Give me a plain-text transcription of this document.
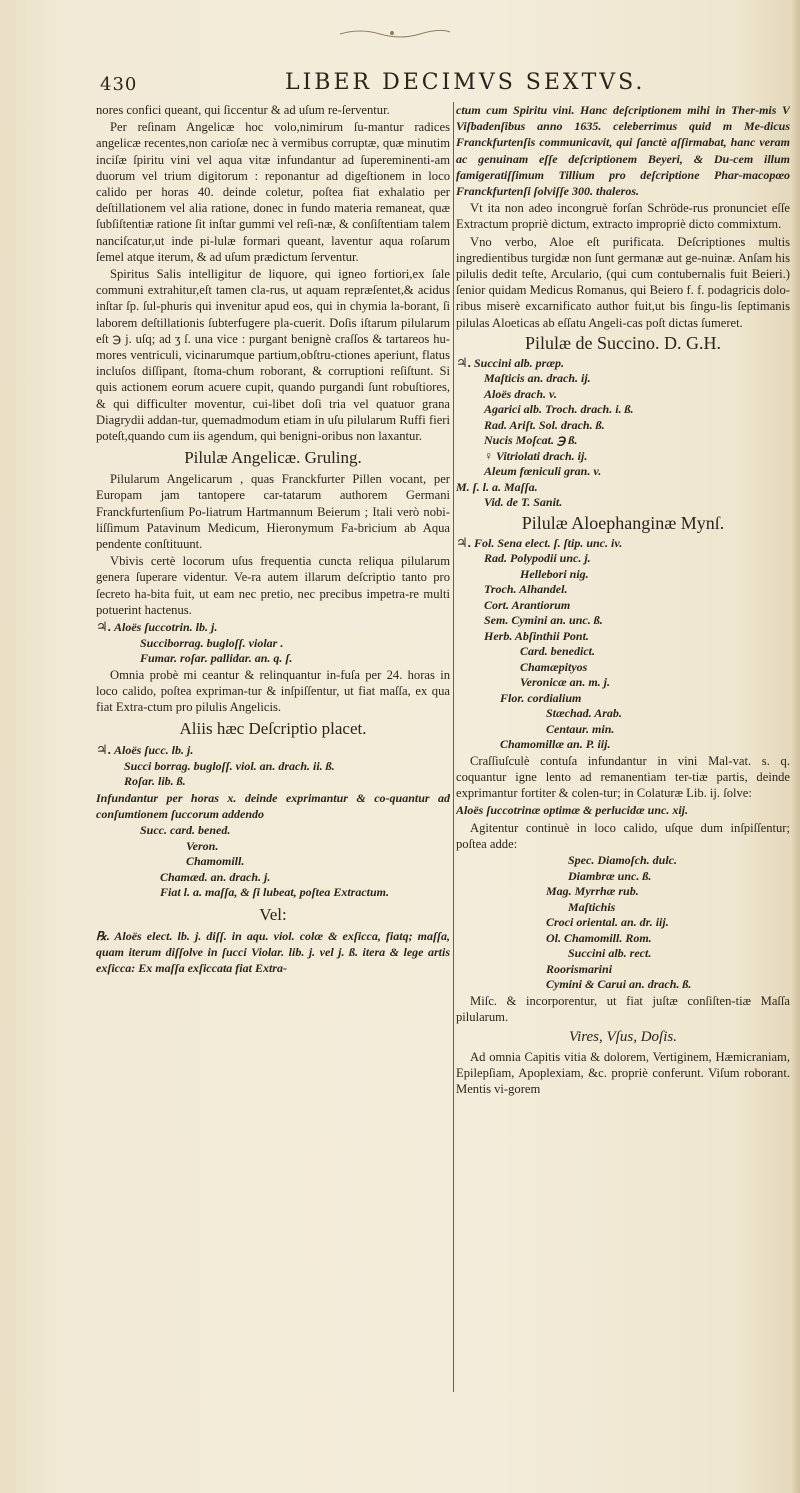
430	LIBER DECIMVS SEXTVS.

nores confici queant, qui ſiccentur & ad uſum re-ſerventur.

Per reſinam Angelicæ hoc volo,nimirum ſu-mantur radices angelicæ recentes,non carioſæ nec à vermibus corruptæ, quæ minutim inciſæ ſpiritu vini vel aqua vitæ infundantur ad ſupereminenti-am duorum vel trium digitorum : reponantur ad digeſtionem in loco calido per horas 40. deinde coletur, poſtea fiat exhalatio per deſtillationem vel alia ratione, donec in fundo materia remaneat, quæ ſubſiſtentiæ ratione ſit inſtar gummi vel reſi-næ, & conſiſtentiam talem nanciſcatur,ut inde pi-lulæ formari queant, laventur aqua roſarum ſemel atque iterum, & ad uſum prædictum ſerventur.

Spiritus Salis intelligitur de liquore, qui igneo fortiori,ex ſale communi extrahitur,eſt tamen cla-rus, ut aquam repræſentet,& acidus inſtar ſp. ſul-phuris qui invenitur apud eos, qui in chymia la-borant, ſi laborem deſtillationis ſubterfugere pla-cuerit. Doſis iſtarum pilularum eſt ℈ j. uſq; ad ʒ ſ. una vice : purgant benignè craſſos & tartareos hu-mores ventriculi, vicinarumque partium,obſtru-ctiones aperiunt, flatus incluſos diſſipant, ſtoma-chum roborant, & corruptioni reſiſtunt. Si quis actionem eorum acuere cupit, quando purgandi ſunt robuſtiores, & qui difficulter moventur, cui-libet doſi tria vel quatuor grana Diagrydii addan-tur, quemadmodum etiam in uſu pilularum Ruffi fieri poteſt,quando cum iis agendum, qui benigni-oribus non laxantur.

Pilulæ Angelicæ. Gruling.

Pilularum Angelicarum , quas Franckfurter Pillen vocant, per Europam jam tantopere car-tatarum authorem Germani Franckfurtenſium Po-liatrum Hartmannum Beierum ; Itali verò nobi-liſſimum Patavinum Medicum, Hieronymum Fa-bricium ab Aqua pendente conſtituunt.

Vbivis certè locorum uſus frequentia cuncta reliqua pilularum genera ſuperare videntur. Ve-ra autem illarum deſcriptio tanto pro ſecreto ha-bita fuit, ut eam nec pretio, nec precibus impetra-re multi potuerint hactenus.

♃. Aloës ſuccotrin. lb. j.
Succiborrag. bugloſſ. violar .
Fumar. roſar. pallidar. an. q. ſ.

Omnia probè mi ceantur & relinquantur in-fuſa per 24. horas in loco calido, poſtea expriman-tur & inſpiſſentur, ut fiat maſſa, ex qua fiat Extra-ctum pro pilulis Angelicis.

Aliis hæc Deſcriptio placet.
♃. Aloës ſucc. lb. j.
Succi borrag. bugloſſ. viol. an. drach. ii. ß.
Roſar. lib. ß.

Infundantur per horas x. deinde exprimantur & co-quantur ad conſumtionem ſuccorum addendo

Succ. card. bened.
Veron.
Chamomill.
Chamæd. an. drach. j.
Fiat l. a. maſſa, & ſi lubeat, poſtea Extractum.
Vel:

℞. Aloës elect. lb. j. diſſ. in aqu. viol. colæ & exſicca, fiatq; maſſa, quam iterum diſſolve in ſucci Violar. lib. j. vel j. ß. itera & lege artis exſicca: Ex maſſa exſiccata fiat Extra-

ctum cum Spiritu vini. Hanc deſcriptionem mihi in Ther-mis V Viſbadenſibus anno 1635. celeberrimus quid m Me-dicus Franckfurtenſis communicavit, qui ſanctè aſſirmabat, hanc veram ac genuinam eſſe deſcriptionem Beyeri, & Du-cem illum famigeratiſſimum Tillium pro deſcriptione Phar-macopœo Franckfurtenſi ſolviſſe 300. thaleros.

Vt ita non adeo incongruè forſan Schröde-rus pronunciet eſſe Extractum propriè dictum, extracto impropriè dicto commixtum.

Vno verbo, Aloe eſt purificata. Deſcriptiones multis ingredientibus turgidæ non ſunt germanæ aut ge-nuinæ. Anſam his pilulis dedit teſte, Arculario, (qui cum contubernalis fuit Beieri.) ſenior quidam Medicus Romanus, qui Beiero f. f. podagricis dolo-ribus miserè excarnificato author fuit,ut bis ſingu-lis ſeptimanis pilulas Aloeticas ab eſſatu Angeli-cas poſt dictas ſumeret.

Pilulæ de Succino. D. G.H.
♃. Succini alb. præp.
Maſticis an. drach. ij.
Aloës drach. v.
Agarici alb. Troch. drach. i. ß.
Rad. Ariſt. Sol. drach. ß.
Nucis Moſcat. ℈ ß.
♀ Vitriolati drach. ij.
Aleum fœniculi gran. v.
M. ſ. l. a. Maſſa.
Vid. de T. Sanit.
Pilulæ Aloephanginæ Mynſ.
♃. Fol. Sena elect. ſ. ſtip. unc. iv.
Rad. Polypodii unc. j.
Hellebori nig.
Troch. Alhandel.
Cort. Arantiorum
Sem. Cymini an. unc. ß.
Herb. Abſinthii Pont.
Card. benedict.
Chamæpityos
Veronicæ an. m. j.
Flor. cordialium
Stæchad. Arab.
Centaur. min.
Chamomillæ an. P. iij.

Craſſiuſculè contuſa infundantur in vini Mal-vat. s. q. coquantur igne lento ad remanentiam ter-tiæ partis, deinde exprimantur fortiter & colen-tur; in Colaturæ Lib. ij. ſolve:

Aloës ſuccotrinæ optimæ & perlucidæ unc. xij.

Agitentur continuè in loco calido, uſque dum inſpiſſentur; poſtea adde:

Spec. Diamoſch. dulc.
Diambræ unc. ß.
Mag. Myrrhæ rub.
Maſtichis
Croci oriental. an. dr. iij.
Ol. Chamomill. Rom.
Succini alb. rect.
Roorismarini
Cymini & Carui an. drach. ß.

Miſc. & incorporentur, ut fiat juſtæ conſiſten-tiæ Maſſa pilularum.

Vires, Vſus, Doſis.

Ad omnia Capitis vitia & dolorem, Vertiginem, Hæmicraniam, Epilepſiam, Apoplexiam, &c. propriè conferunt. Viſum roborant. Mentis vi-gorem
